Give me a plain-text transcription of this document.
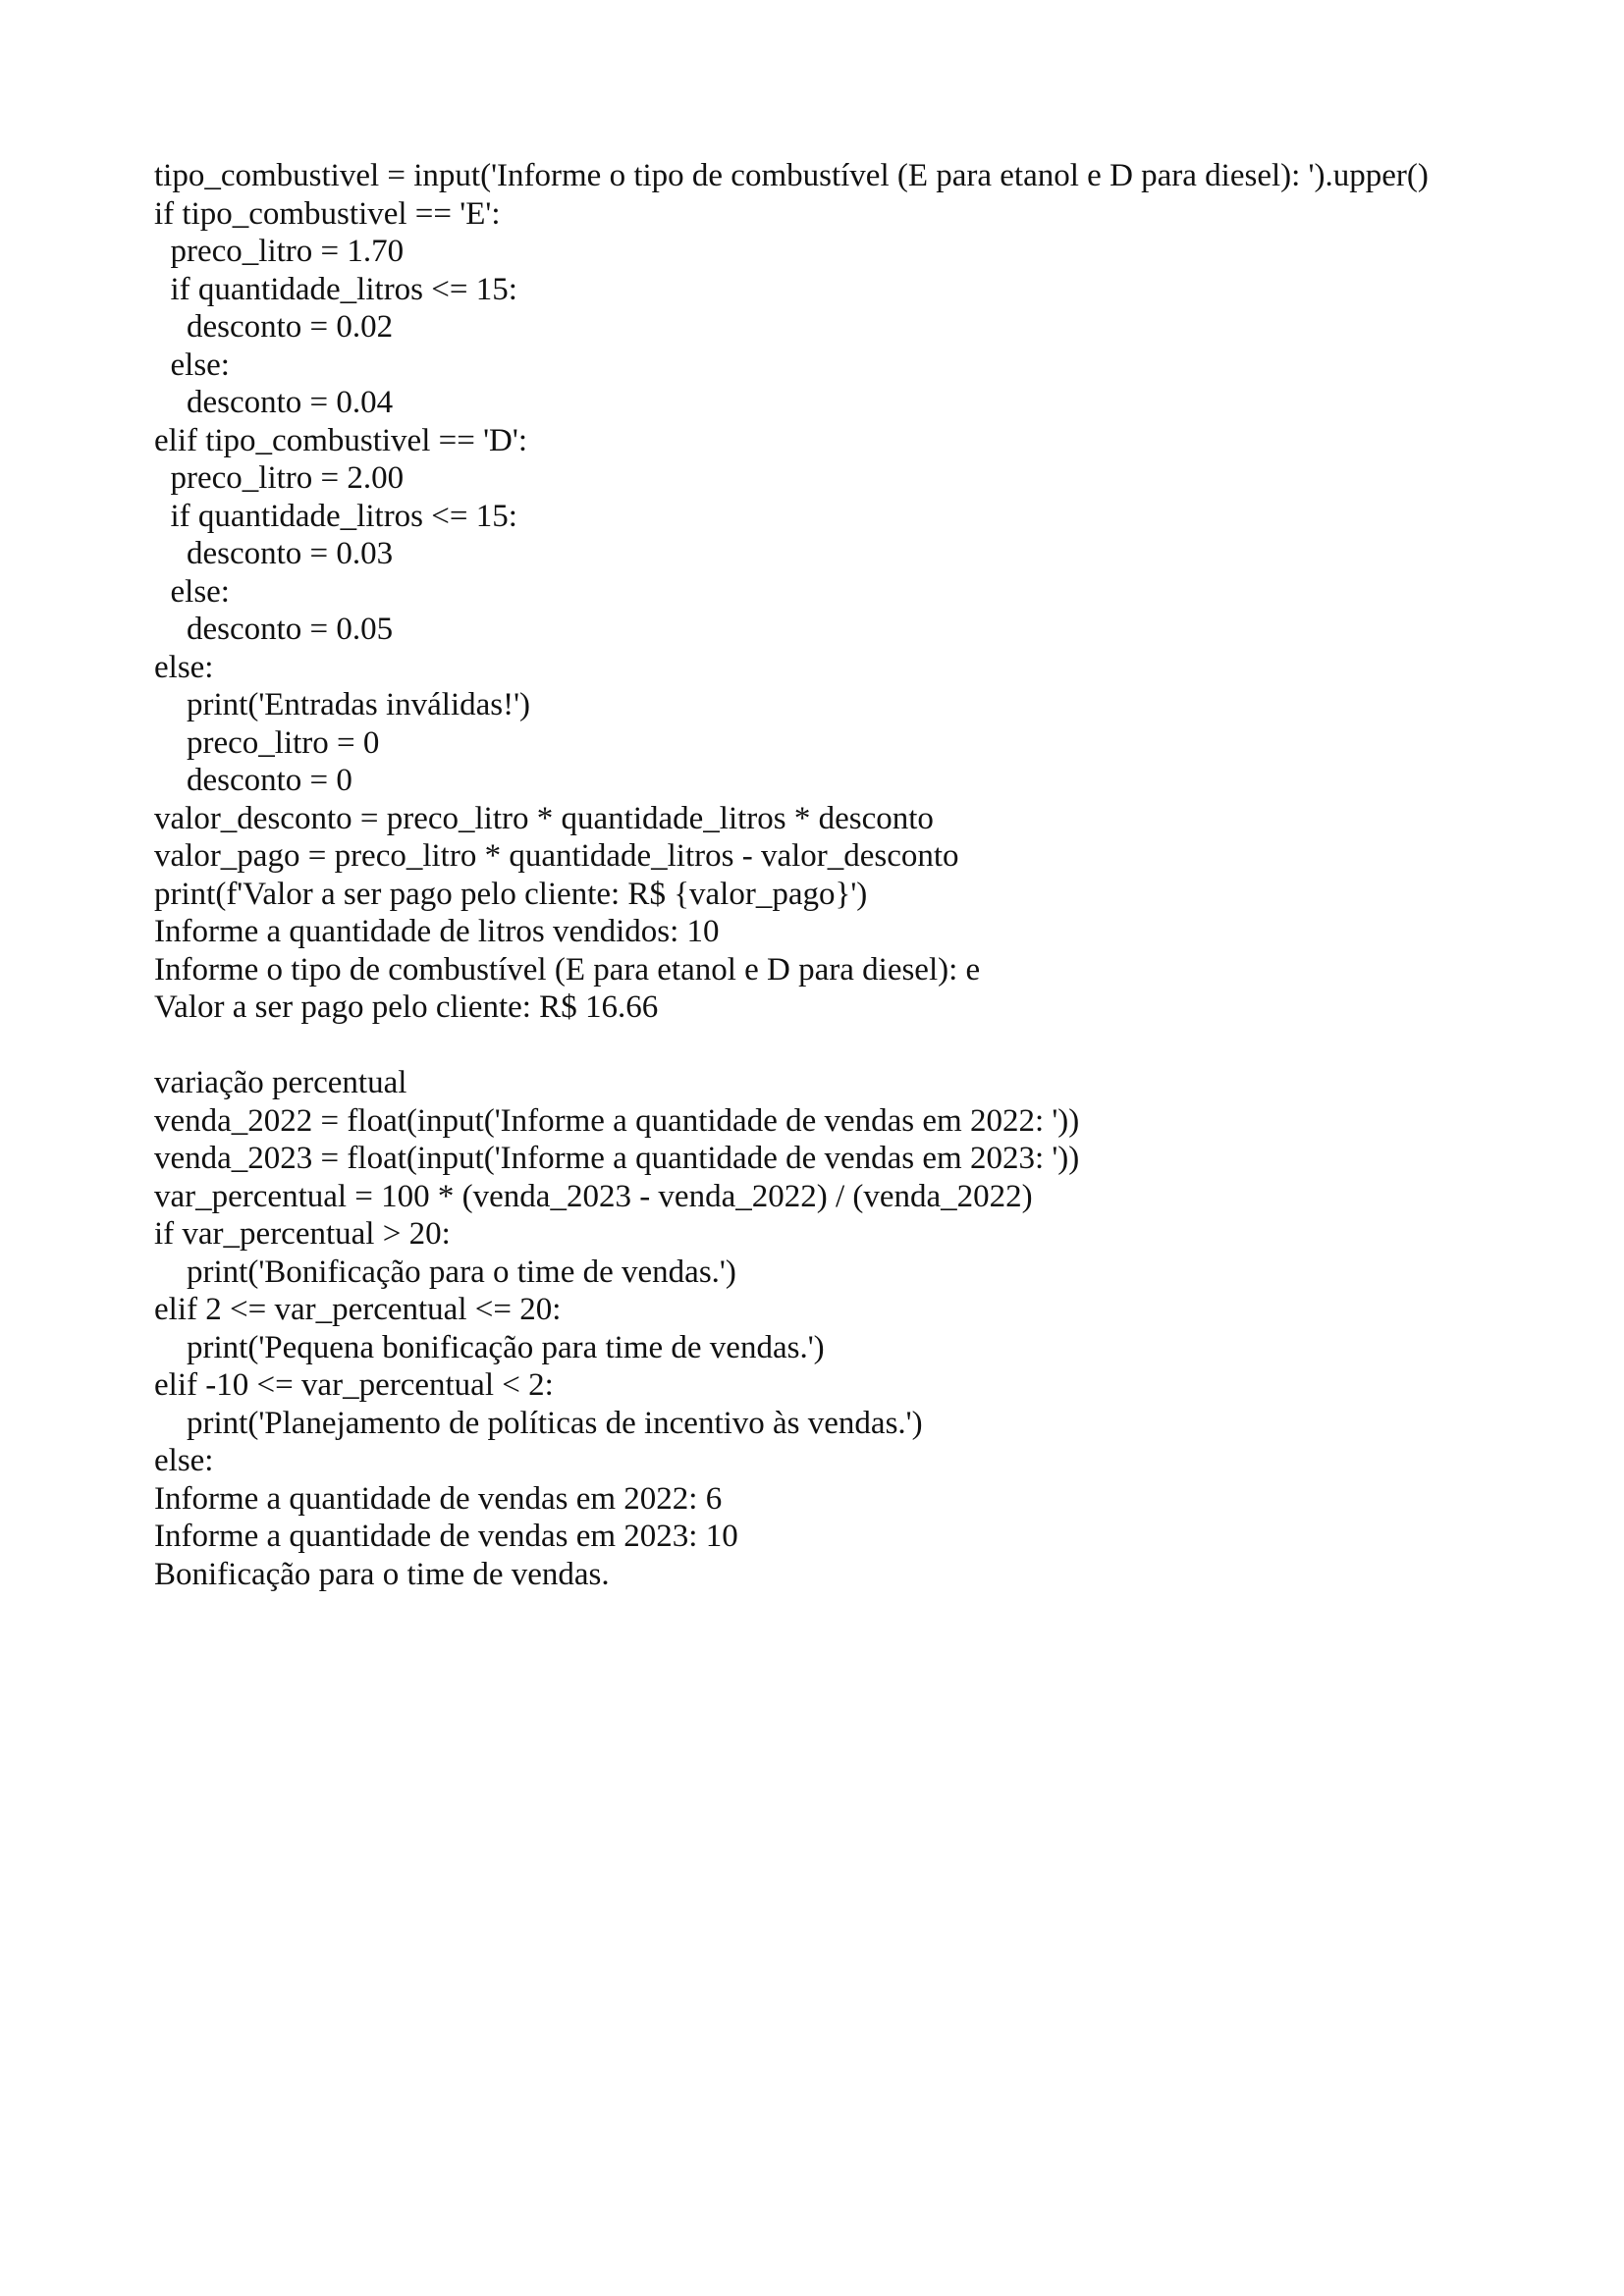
tipo_combustivel = input('Informe o tipo de combustível (E para etanol e D para diesel): ').upper()
if tipo_combustivel == 'E':
preco_litro = 1.70
if quantidade_litros <= 15:
desconto = 0.02
else:
desconto = 0.04
elif tipo_combustivel == 'D':
preco_litro = 2.00
if quantidade_litros <= 15:
desconto = 0.03
else:
desconto = 0.05
else:
print('Entradas inválidas!')
preco_litro = 0
desconto = 0
valor_desconto = preco_litro * quantidade_litros * desconto
valor_pago = preco_litro * quantidade_litros - valor_desconto
print(f'Valor a ser pago pelo cliente: R$ {valor_pago}')
Informe a quantidade de litros vendidos: 10
Informe o tipo de combustível (E para etanol e D para diesel): e
Valor a ser pago pelo cliente: R$ 16.66
variação percentual
venda_2022 = float(input('Informe a quantidade de vendas em 2022: '))
venda_2023 = float(input('Informe a quantidade de vendas em 2023: '))
var_percentual = 100 * (venda_2023 - venda_2022) / (venda_2022)
if var_percentual > 20:
print('Bonificação para o time de vendas.')
elif 2 <= var_percentual <= 20:
print('Pequena bonificação para time de vendas.')
elif -10 <= var_percentual < 2:
print('Planejamento de políticas de incentivo às vendas.')
else:
Informe a quantidade de vendas em 2022: 6
Informe a quantidade de vendas em 2023: 10
Bonificação para o time de vendas.
